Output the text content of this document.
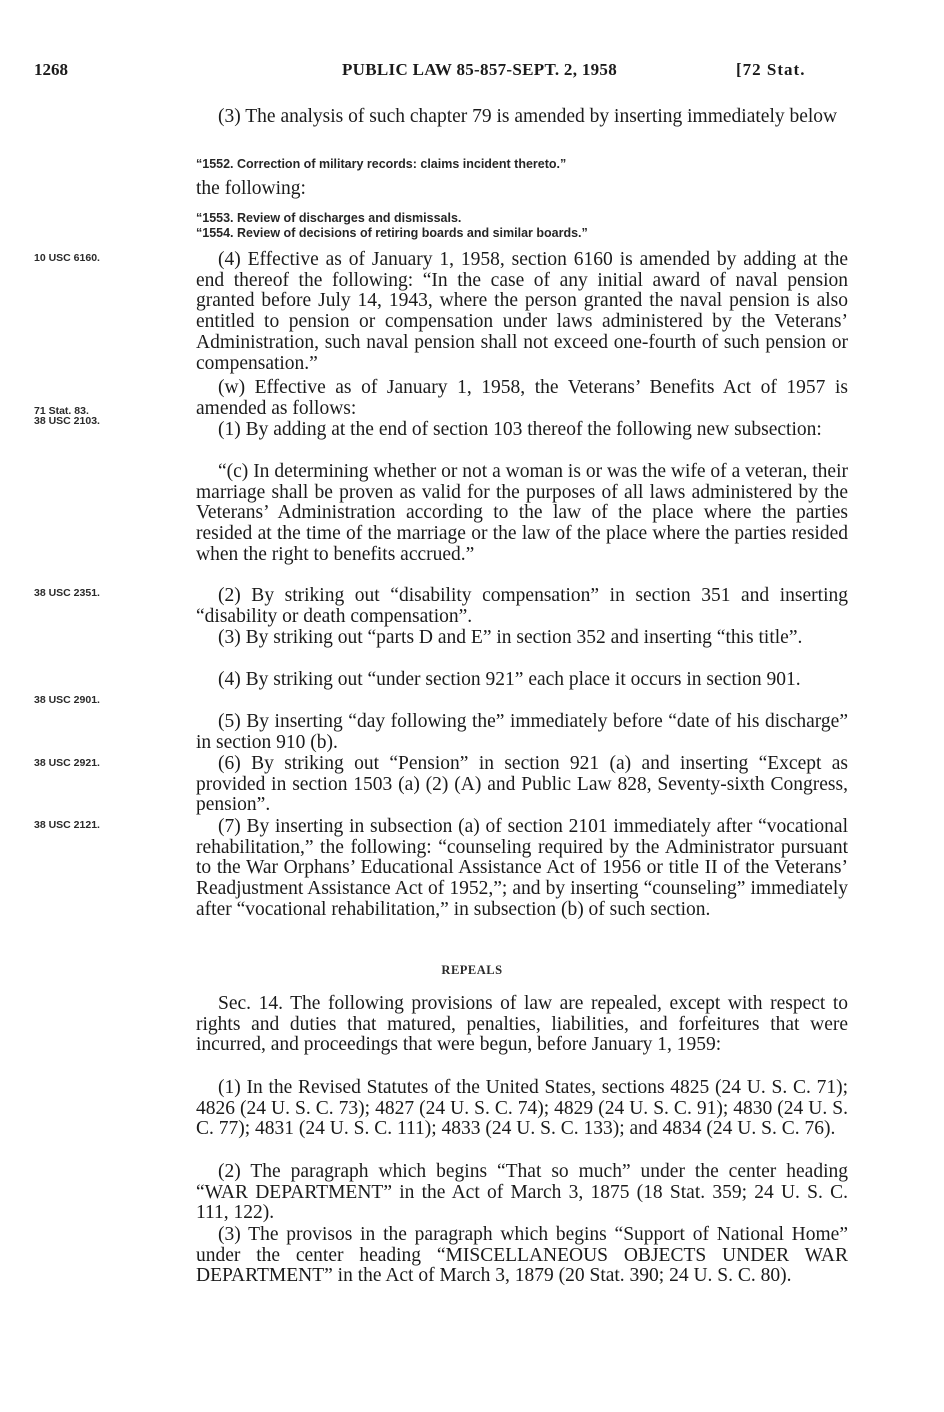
1268	PUBLIC LAW 85-857-SEPT. 2, 1958	[72 Stat.
10 USC 6160.
71 Stat. 83.
38 USC 2103.
38 USC 2351.
38 USC 2901.
38 USC 2921.
38 USC 2121.

(3) The analysis of such chapter 79 is amended by inserting immediately below

“1552. Correction of military records: claims incident thereto.”

the following:

“1553. Review of discharges and dismissals.
“1554. Review of decisions of retiring boards and similar boards.”

(4) Effective as of January 1, 1958, section 6160 is amended by adding at the end thereof the following: “In the case of any initial award of naval pension granted before July 14, 1943, where the person granted the naval pension is also entitled to pension or compensation under laws administered by the Veterans’ Administration, such naval pension shall not exceed one-fourth of such pension or compensation.”

(w) Effective as of January 1, 1958, the Veterans’ Benefits Act of 1957 is amended as follows:

(1) By adding at the end of section 103 thereof the following new subsection:

“(c) In determining whether or not a woman is or was the wife of a veteran, their marriage shall be proven as valid for the purposes of all laws administered by the Veterans’ Administration according to the law of the place where the parties resided at the time of the marriage or the law of the place where the parties resided when the right to benefits accrued.”

(2) By striking out “disability compensation” in section 351 and inserting “disability or death compensation”.

(3) By striking out “parts D and E” in section 352 and inserting “this title”.

(4) By striking out “under section 921” each place it occurs in section 901.

(5) By inserting “day following the” immediately before “date of his discharge” in section 910 (b).

(6) By striking out “Pension” in section 921 (a) and inserting “Except as provided in section 1503 (a) (2) (A) and Public Law 828, Seventy-sixth Congress, pension”.

(7) By inserting in subsection (a) of section 2101 immediately after “vocational rehabilitation,” the following: “counseling required by the Administrator pursuant to the War Orphans’ Educational Assistance Act of 1956 or title II of the Veterans’ Readjustment Assistance Act of 1952,”; and by inserting “counseling” immediately after “vocational rehabilitation,” in subsection (b) of such section.

REPEALS

Sec. 14. The following provisions of law are repealed, except with respect to rights and duties that matured, penalties, liabilities, and forfeitures that were incurred, and proceedings that were begun, before January 1, 1959:

(1) In the Revised Statutes of the United States, sections 4825 (24 U. S. C. 71); 4826 (24 U. S. C. 73); 4827 (24 U. S. C. 74); 4829 (24 U. S. C. 91); 4830 (24 U. S. C. 77); 4831 (24 U. S. C. 111); 4833 (24 U. S. C. 133); and 4834 (24 U. S. C. 76).

(2) The paragraph which begins “That so much” under the center heading “WAR DEPARTMENT” in the Act of March 3, 1875 (18 Stat. 359; 24 U. S. C. 111, 122).

(3) The provisos in the paragraph which begins “Support of National Home” under the center heading “MISCELLANEOUS OBJECTS UNDER WAR DEPARTMENT” in the Act of March 3, 1879 (20 Stat. 390; 24 U. S. C. 80).
